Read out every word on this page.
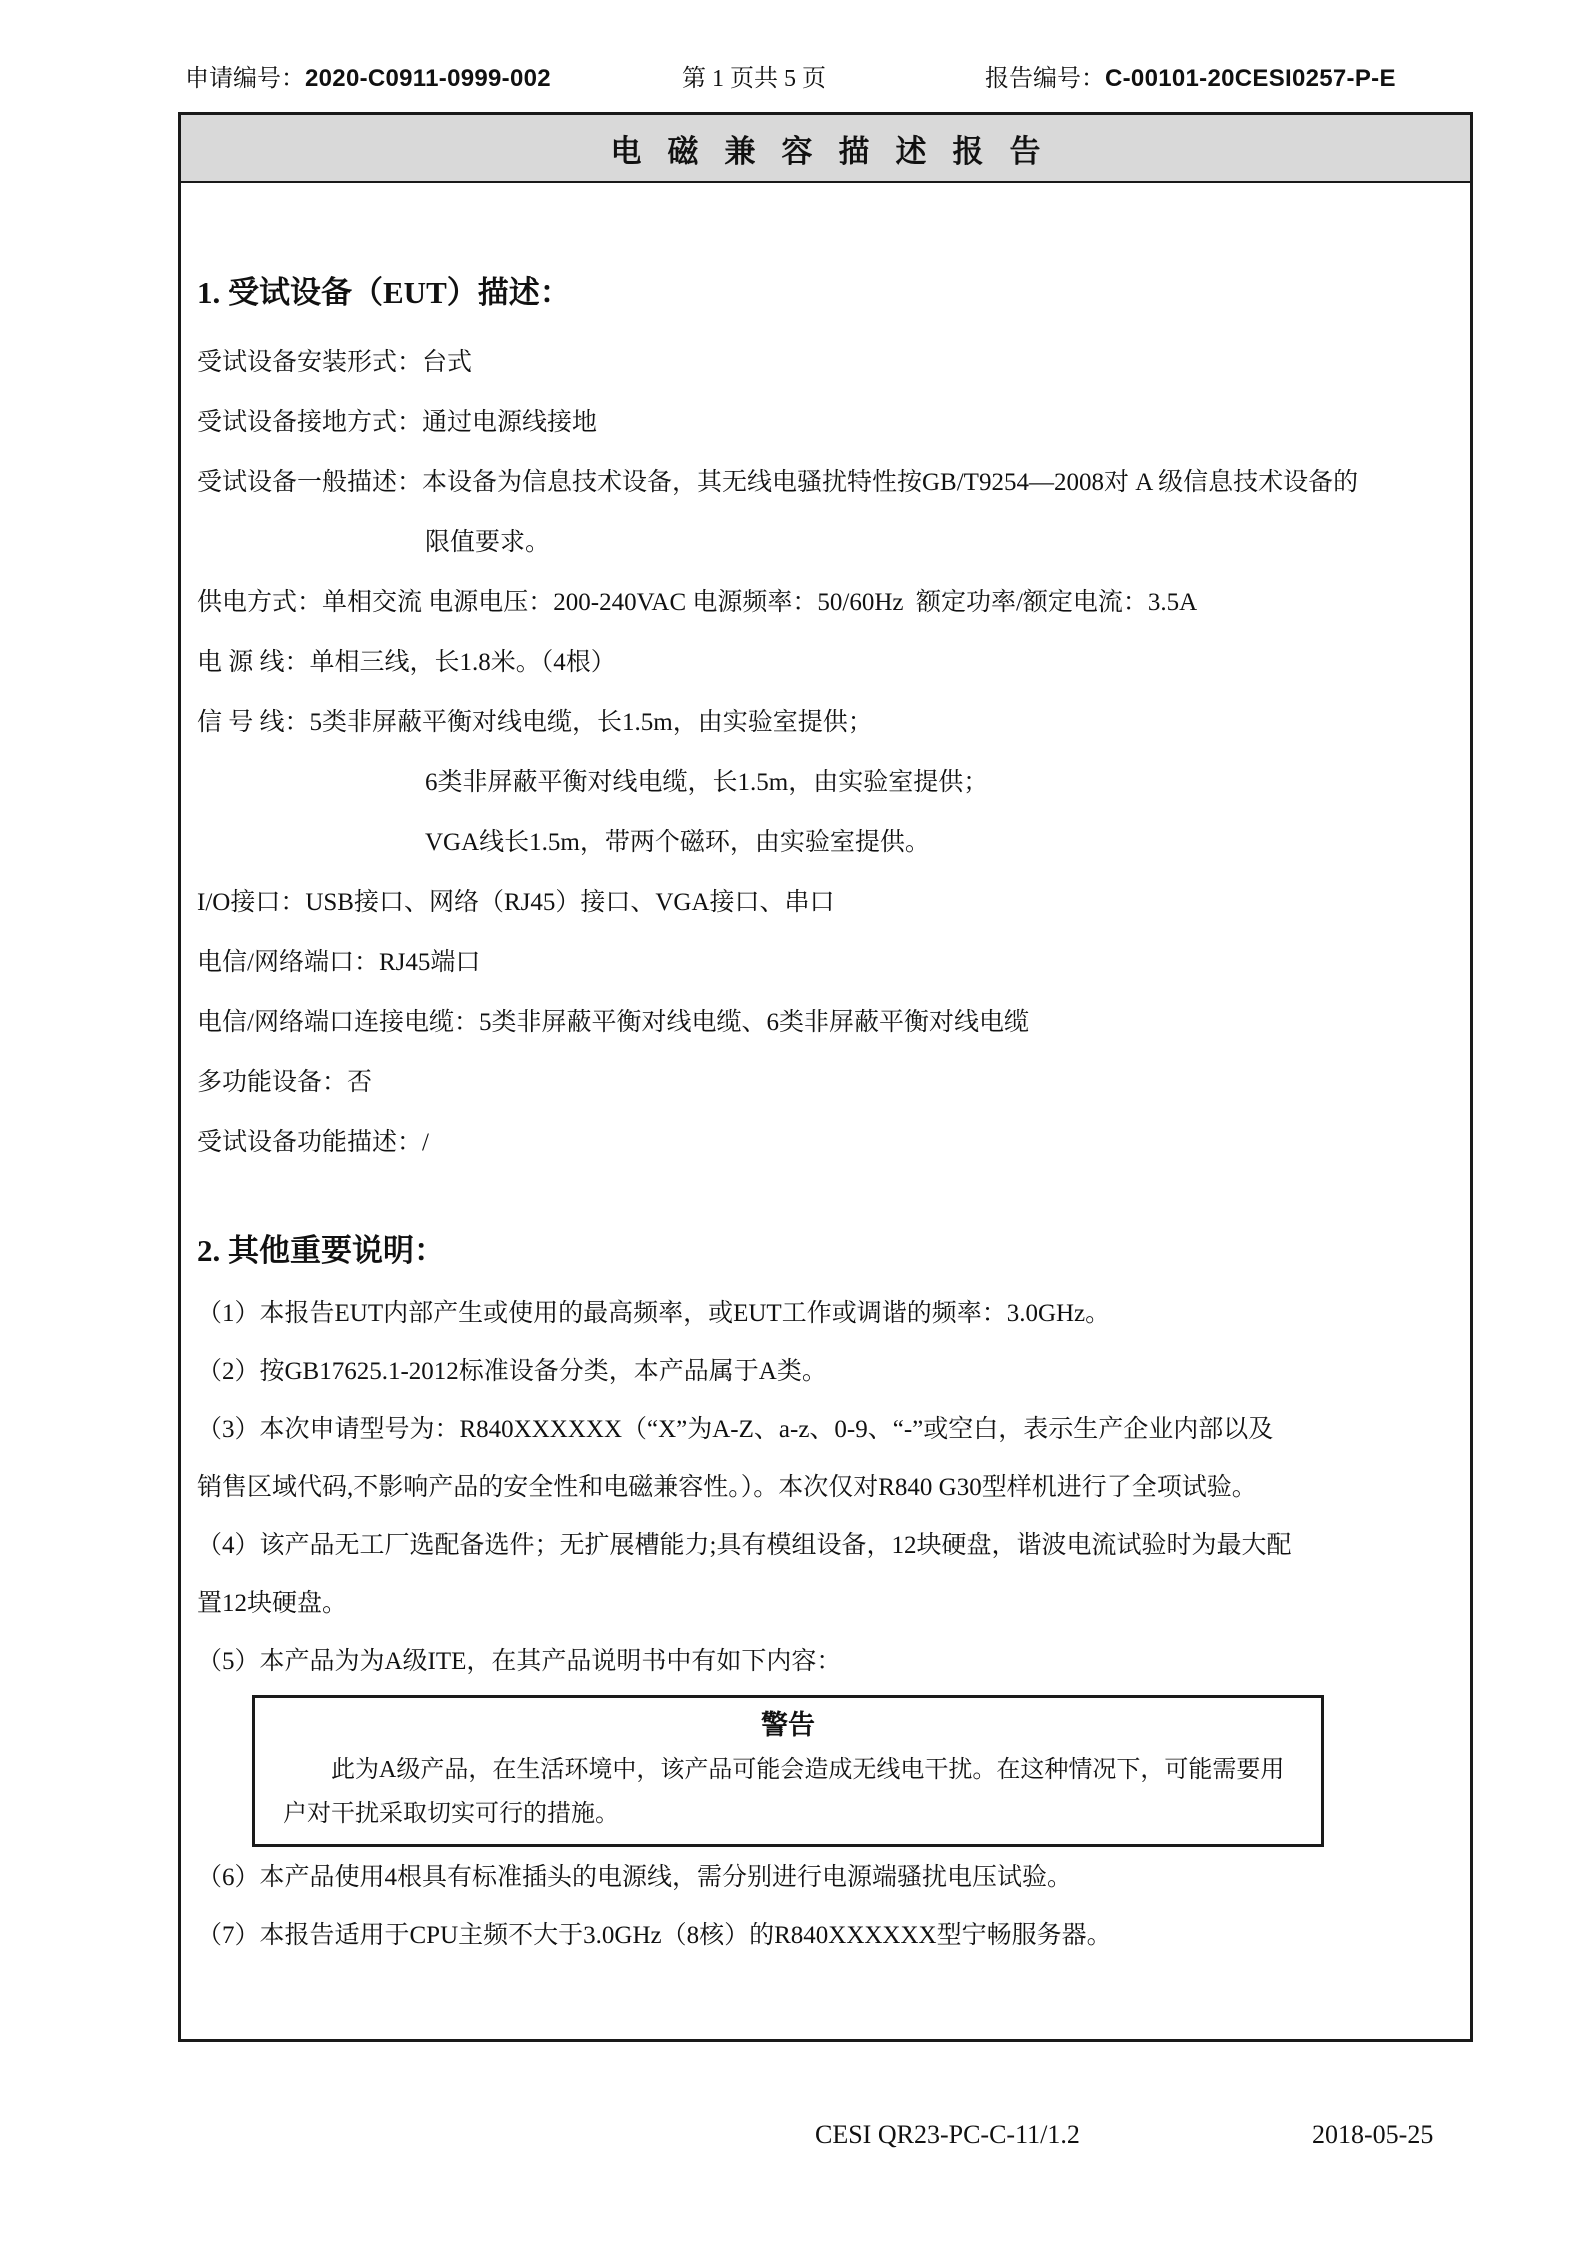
申请编号：2020-C0911-0999-002	第 1 页共 5 页	报告编号：C-00101-20CESI0257-P-E
电磁兼容描述报告

1. 受试设备（EUT）描述：

受试设备安装形式：台式
受试设备接地方式：通过电源线接地
受试设备一般描述：本设备为信息技术设备，其无线电骚扰特性按GB/T9254—2008对 A 级信息技术设备的
限值要求。
供电方式：单相交流 电源电压：200-240VAC 电源频率：50/60Hz  额定功率/额定电流：3.5A
电 源 线：单相三线，长1.8米。（4根）
信 号 线：5类非屏蔽平衡对线电缆，长1.5m，由实验室提供；
6类非屏蔽平衡对线电缆，长1.5m，由实验室提供；
VGA线长1.5m，带两个磁环，由实验室提供。
I/O接口：USB接口、网络（RJ45）接口、VGA接口、串口
电信/网络端口：RJ45端口
电信/网络端口连接电缆：5类非屏蔽平衡对线电缆、6类非屏蔽平衡对线电缆
多功能设备：否
受试设备功能描述：/

2. 其他重要说明：

（1）本报告EUT内部产生或使用的最高频率，或EUT工作或调谐的频率：3.0GHz。
（2）按GB17625.1-2012标准设备分类，本产品属于A类。
（3）本次申请型号为：R840XXXXXX（“X”为A-Z、a-z、0-9、“-”或空白，表示生产企业内部以及
销售区域代码,不影响产品的安全性和电磁兼容性。）。本次仅对R840 G30型样机进行了全项试验。
（4）该产品无工厂选配备选件；无扩展槽能力;具有模组设备，12块硬盘，谐波电流试验时为最大配
置12块硬盘。
（5）本产品为为A级ITE，在其产品说明书中有如下内容：
警告
此为A级产品，在生活环境中，该产品可能会造成无线电干扰。在这种情况下，可能需要用户对干扰采取切实可行的措施。
（6）本产品使用4根具有标准插头的电源线，需分别进行电源端骚扰电压试验。
（7）本报告适用于CPU主频不大于3.0GHz（8核）的R840XXXXXX型宁畅服务器。
CESI QR23-PC-C-11/1.2	2018-05-25
